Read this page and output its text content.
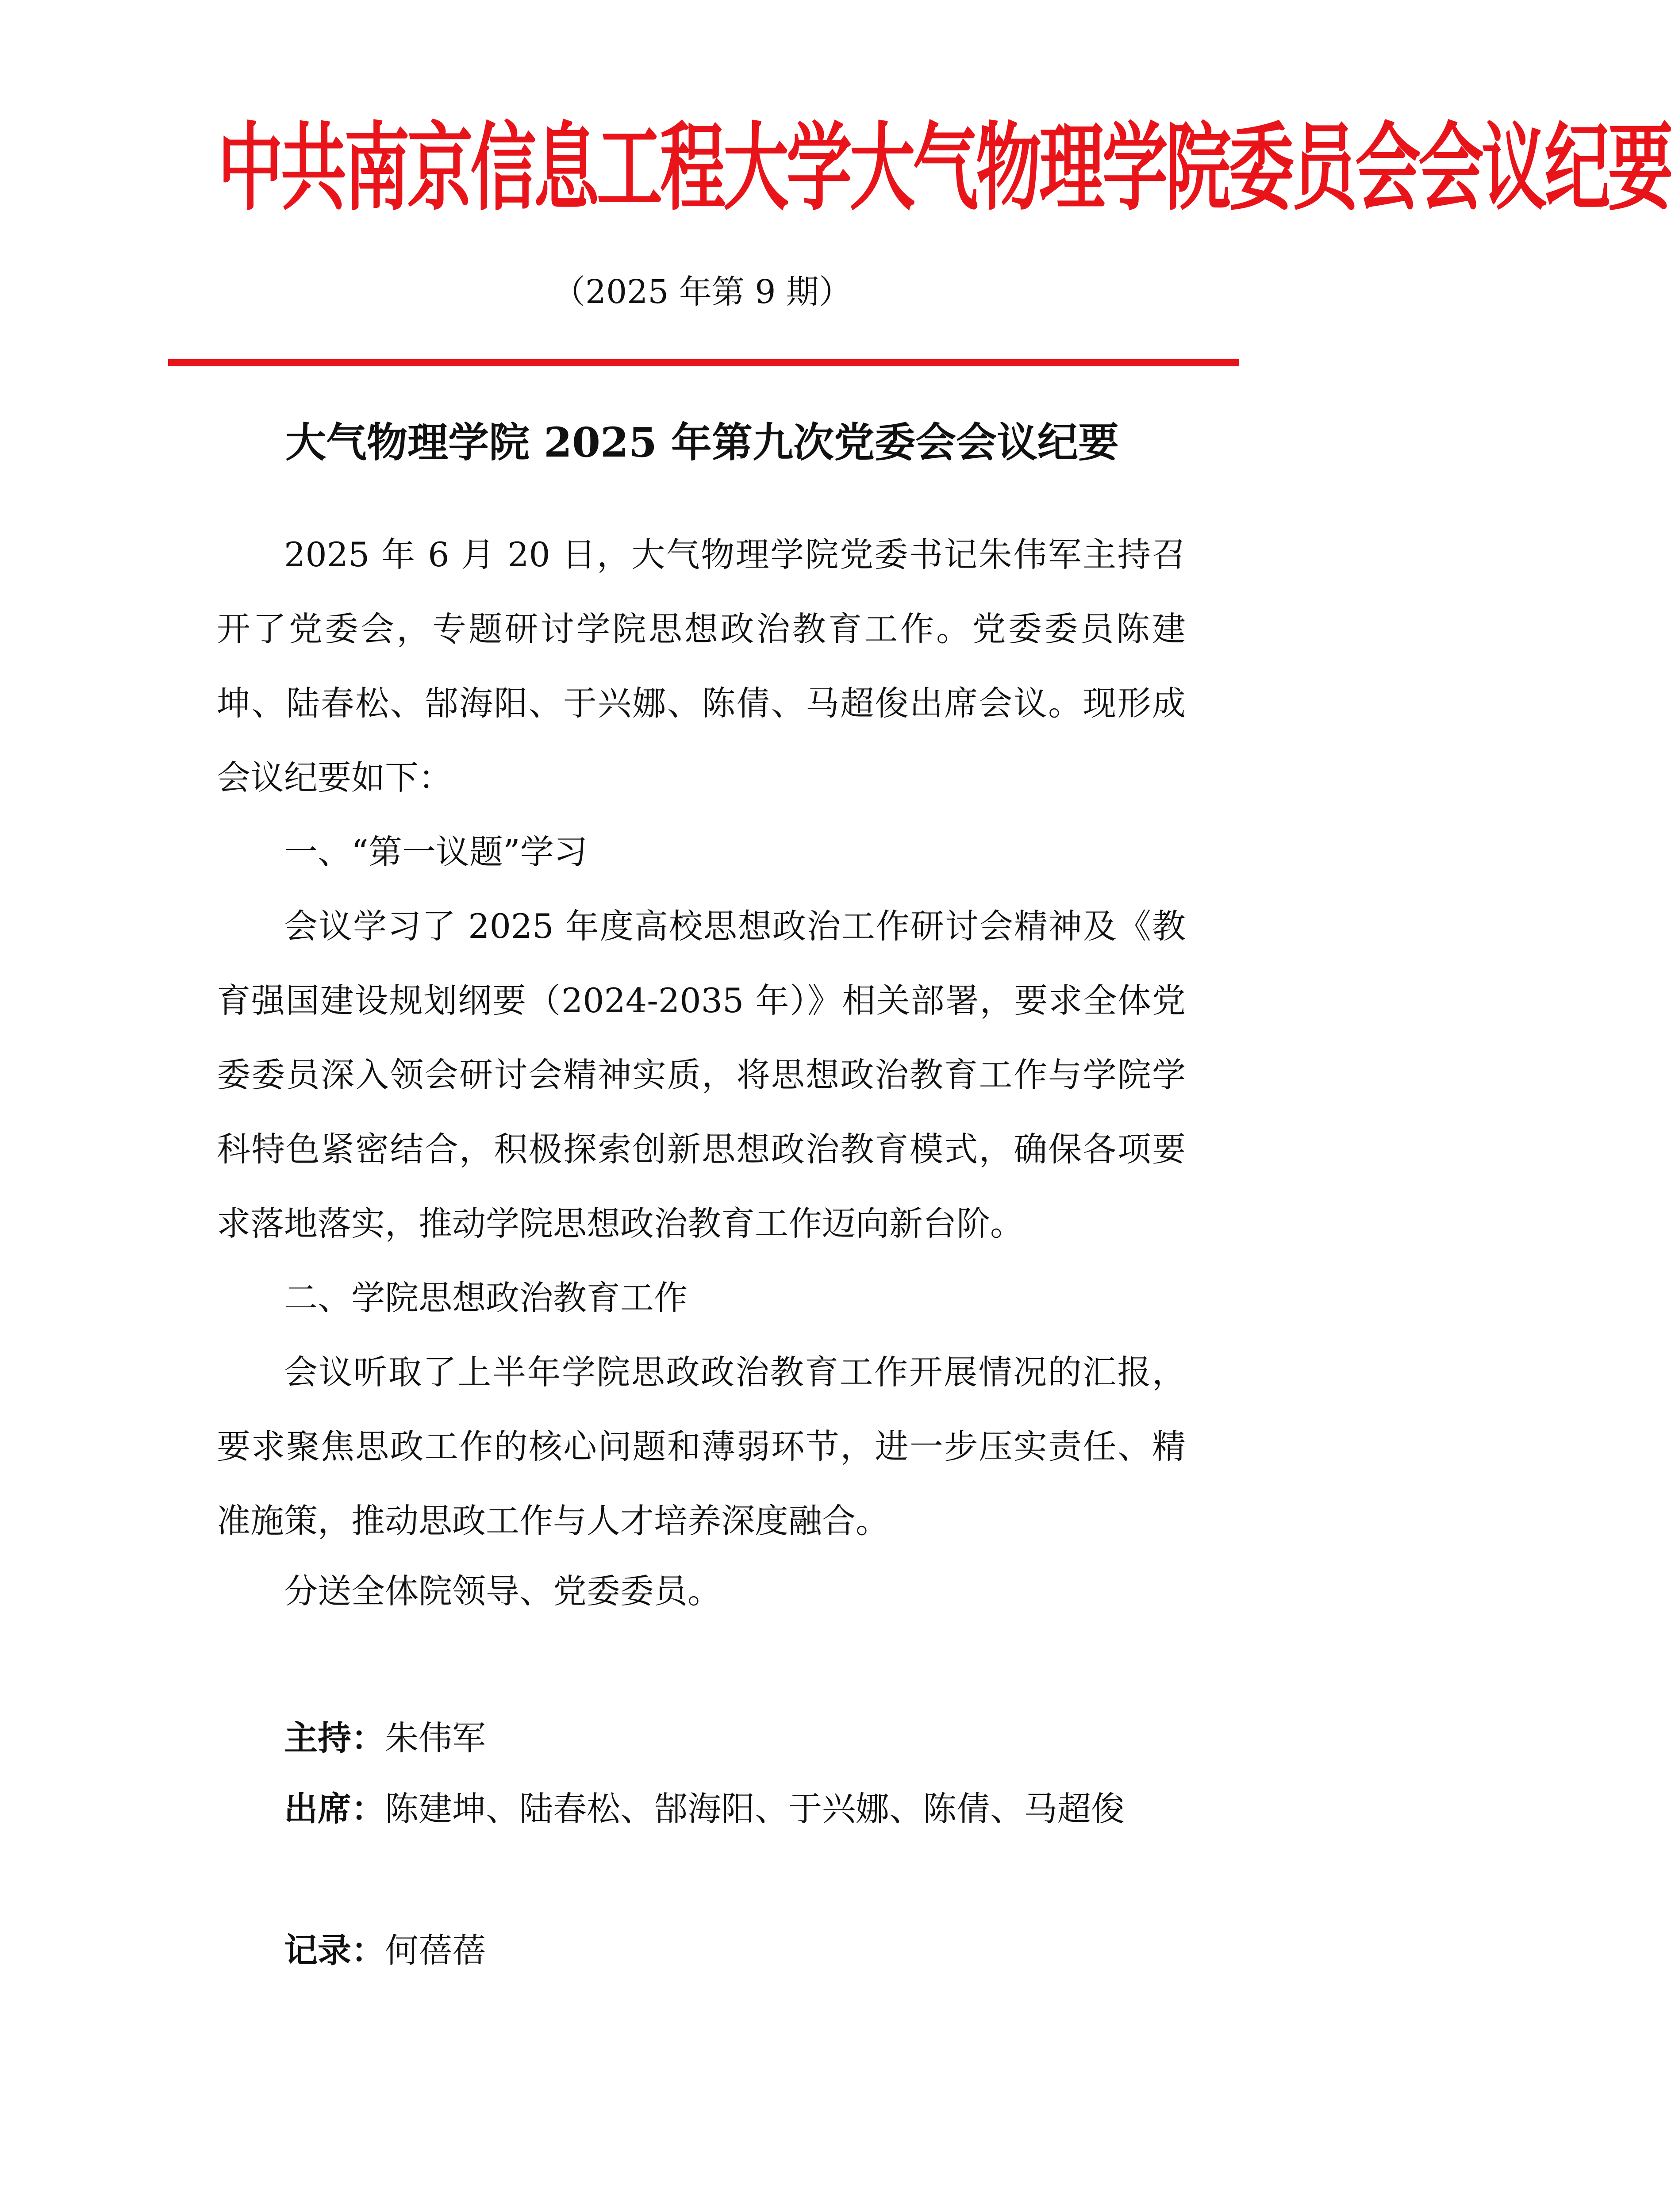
中共南京信息工程大学大气物理学院委员会会议纪要
（2025 年第 9 期）
大气物理学院 2025 年第九次党委会会议纪要

2025 年 6 月 20 日，大气物理学院党委书记朱伟军主持召开了党委会，专题研讨学院思想政治教育工作。党委委员陈建坤、陆春松、郜海阳、于兴娜、陈倩、马超俊出席会议。现形成会议纪要如下：

一、“第一议题”学习

会议学习了 2025 年度高校思想政治工作研讨会精神及《教育强国建设规划纲要（2024-2035 年）》相关部署，要求全体党委委员深入领会研讨会精神实质，将思想政治教育工作与学院学科特色紧密结合，积极探索创新思想政治教育模式，确保各项要求落地落实，推动学院思想政治教育工作迈向新台阶。

二、学院思想政治教育工作

会议听取了上半年学院思政政治教育工作开展情况的汇报，要求聚焦思政工作的核心问题和薄弱环节，进一步压实责任、精准施策，推动思政工作与人才培养深度融合。

分送全体院领导、党委委员。

主持：朱伟军

出席：陈建坤、陆春松、郜海阳、于兴娜、陈倩、马超俊

记录：何蓓蓓
